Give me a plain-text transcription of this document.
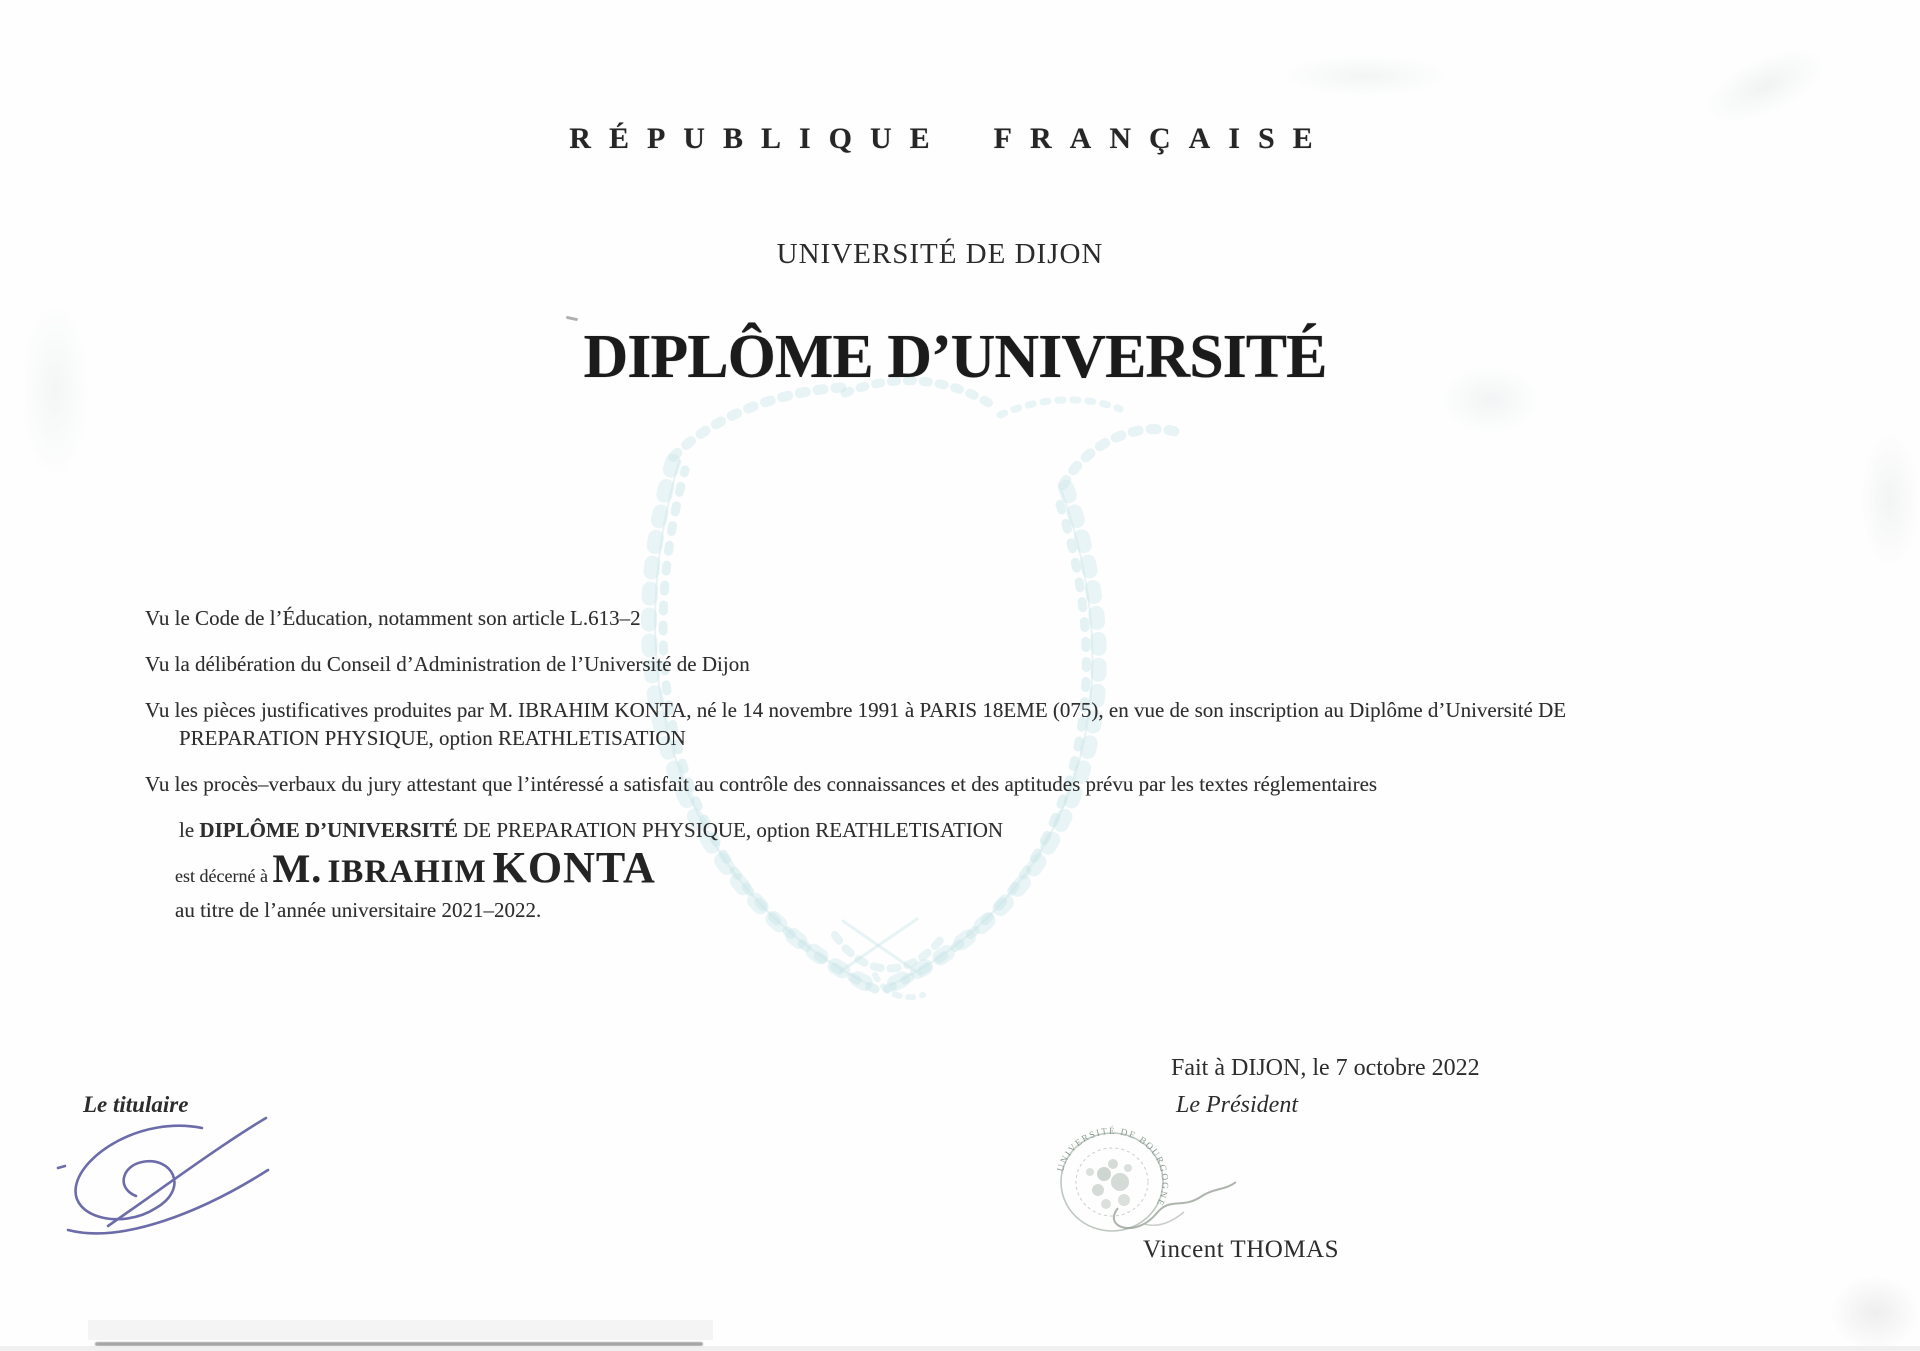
RÉPUBLIQUE FRANÇAISE
UNIVERSITÉ DE DIJON
DIPLÔME D’UNIVERSITÉ

Vu le Code de l’Éducation, notamment son article L.613–2

Vu la délibération du Conseil d’Administration de l’Université de Dijon

Vu les pièces justificatives produites par M. IBRAHIM KONTA, né le 14 novembre 1991 à PARIS 18EME (075), en vue de son inscription au Diplôme d’Université DE
PREPARATION PHYSIQUE, option REATHLETISATION

Vu les procès–verbaux du jury attestant que l’intéressé a satisfait au contrôle des connaissances et des aptitudes prévu par les textes réglementaires

le DIPLÔME D’UNIVERSITÉ DE PREPARATION PHYSIQUE, option REATHLETISATION

est décerné à M. IBRAHIM KONTA

au titre de l’année universitaire 2021–2022.

Fait à DIJON, le 7 octobre 2022
Le Président
UNIVERSITÉ DE BOURGOGNE
Vincent THOMAS
Le titulaire
